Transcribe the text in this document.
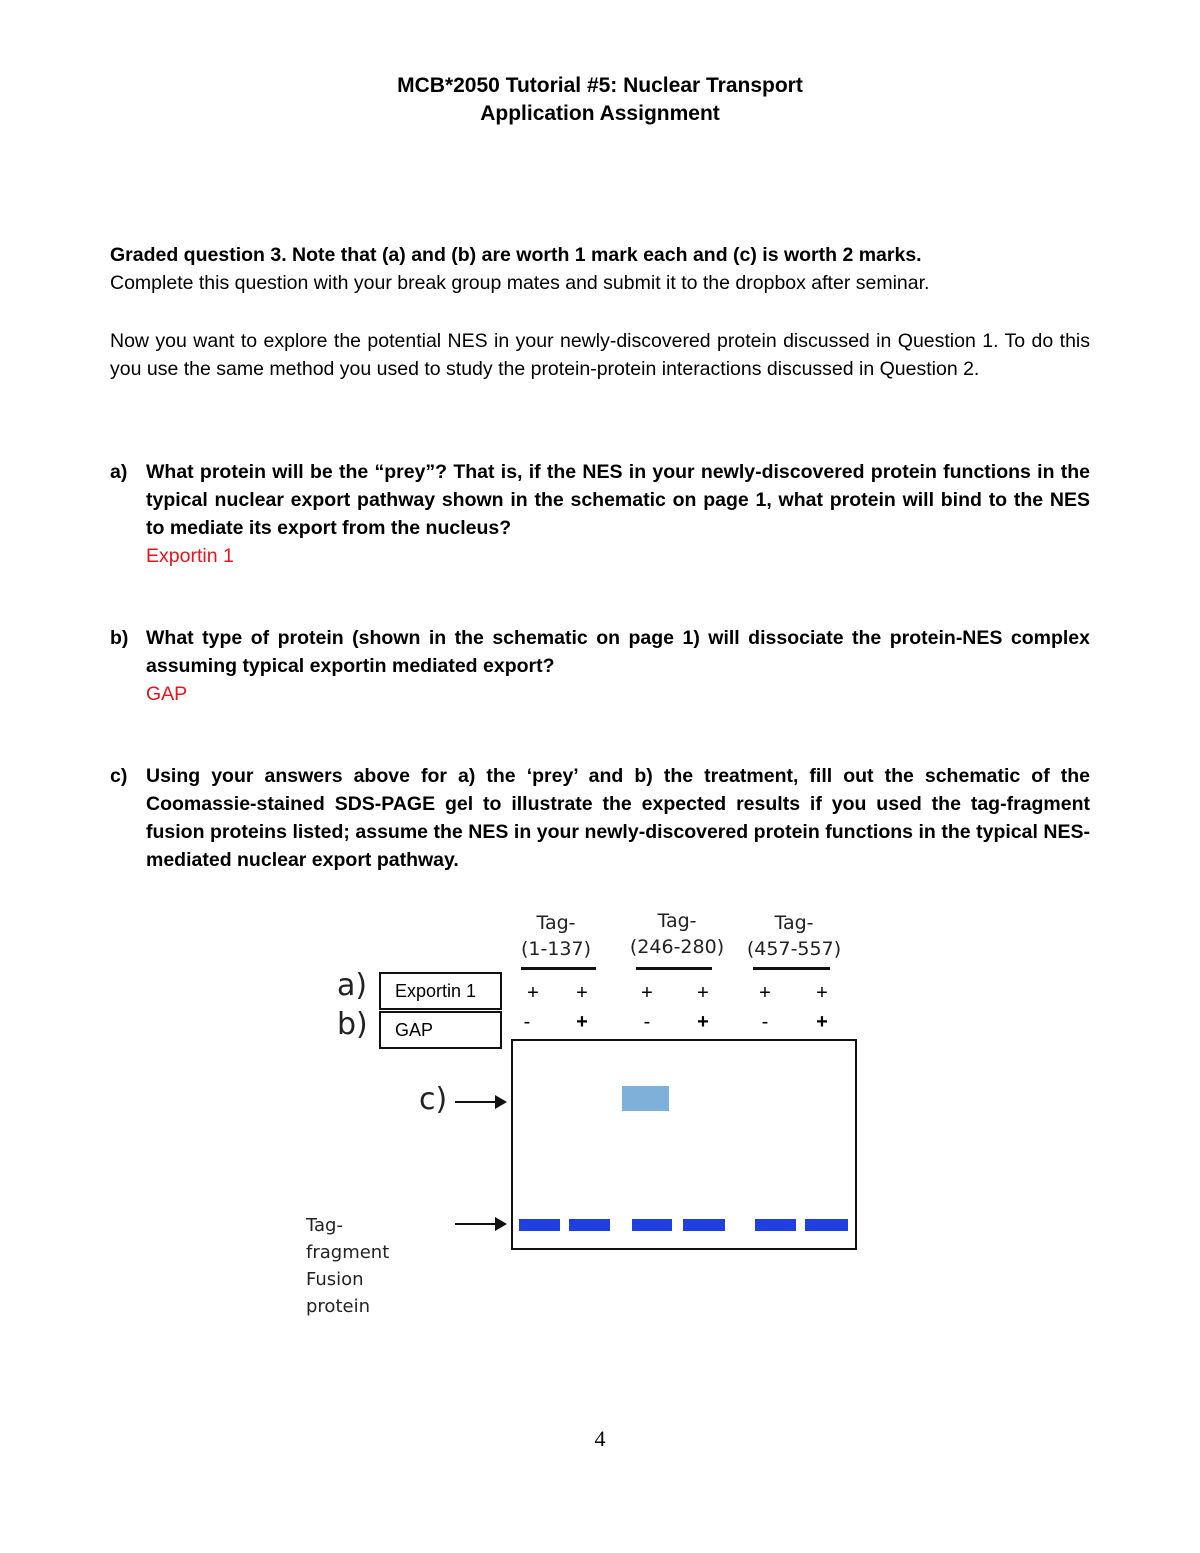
MCB*2050 Tutorial #5: Nuclear Transport
Application Assignment
Graded question 3. Note that (a) and (b) are worth 1 mark each and (c) is worth 2 marks.
Complete this question with your break group mates and submit it to the dropbox after seminar.
Now you want to explore the potential NES in your newly-discovered protein discussed in Question 1. To do this you use the same method you used to study the protein-protein interactions discussed in Question 2.
a) What protein will be the “prey”? That is, if the NES in your newly-discovered protein functions in the typical nuclear export pathway shown in the schematic on page 1, what protein will bind to the NES to mediate its export from the nucleus?
Exportin 1
b) What type of protein (shown in the schematic on page 1) will dissociate the protein-NES complex assuming typical exportin mediated export?
GAP
c) Using your answers above for a) the ‘prey’ and b) the treatment, fill out the schematic of the Coomassie-stained SDS-PAGE gel to illustrate the expected results if you used the tag-fragment fusion proteins listed; assume the NES in your newly-discovered protein functions in the typical NES-mediated nuclear export pathway.
Tag-
(1-137)
Tag-
(246-280)
Tag-
(457-557)
a) Exportin 1	+ +	+ +	+ +
b) GAP	-	+	-	+	-	+
c)
Tag-fragment
Fusion protein
4
